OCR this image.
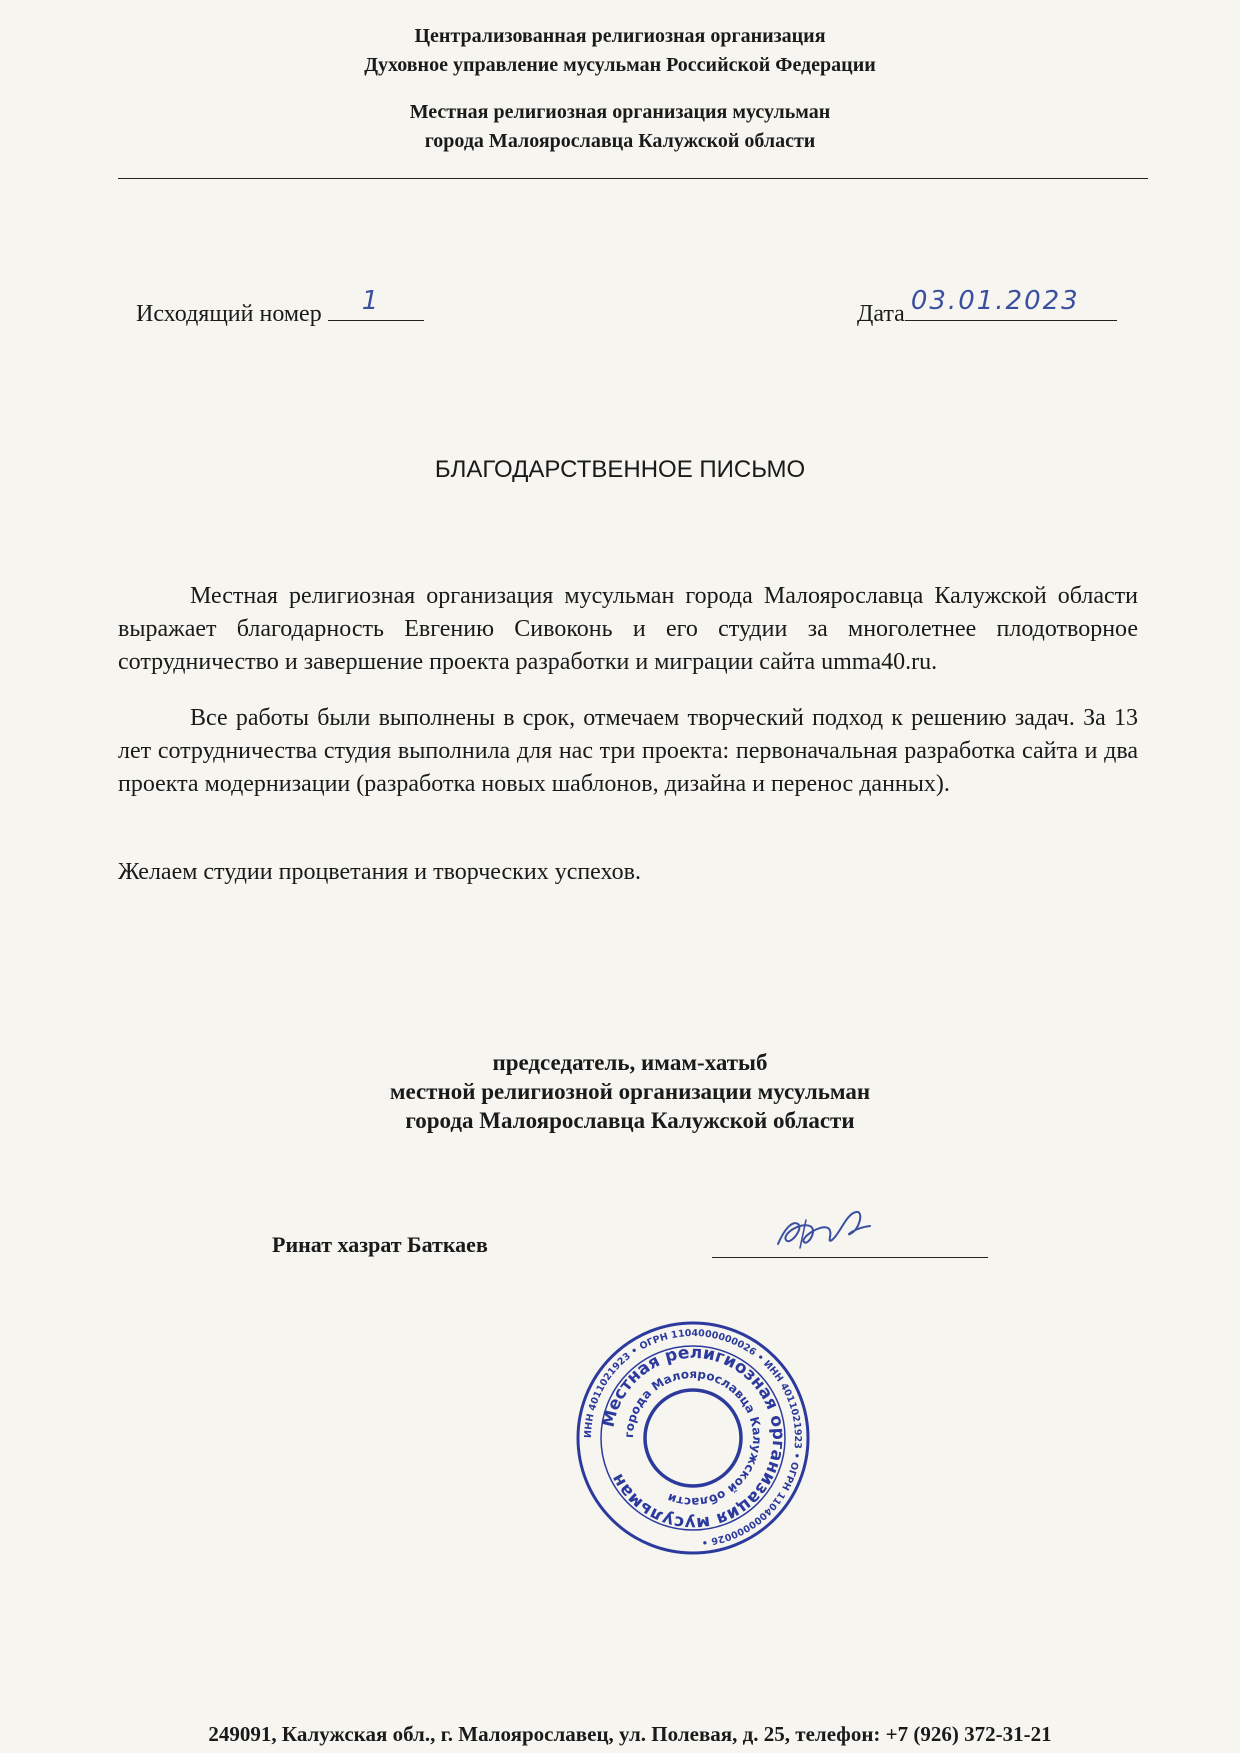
Централизованная религиозная организация
Духовное управление мусульман Российской Федерации
Местная религиозная организация мусульман
города Малоярославца Калужской области
Исходящий номер 1	Дата 03.01.2023
БЛАГОДАРСТВЕННОЕ ПИСЬМО
Местная религиозная организация мусульман города Малоярославца Калужской области выражает благодарность Евгению Сивоконь и его студии за многолетнее плодотворное сотрудничество и завершение проекта разработки и миграции сайта umma40.ru.
Все работы были выполнены в срок, отмечаем творческий подход к решению задач. За 13 лет сотрудничества студия выполнила для нас три проекта: первоначальная разработка сайта и два проекта модернизации (разработка новых шаблонов, дизайна и перенос данных).
Желаем студии процветания и творческих успехов.
председатель, имам-хатыб
местной религиозной организации мусульман
города Малоярославца Калужской области
Ринат хазрат Баткаев
ИНН 4011021923 • ОГРН 1104000000026 • ИНН 4011021923 • ОГРН 1104000000026 •
Местная религиозная организация мусульман
города Малоярославца Калужской области
249091, Калужская обл., г. Малоярославец, ул. Полевая, д. 25, телефон: +7 (926) 372-31-21
